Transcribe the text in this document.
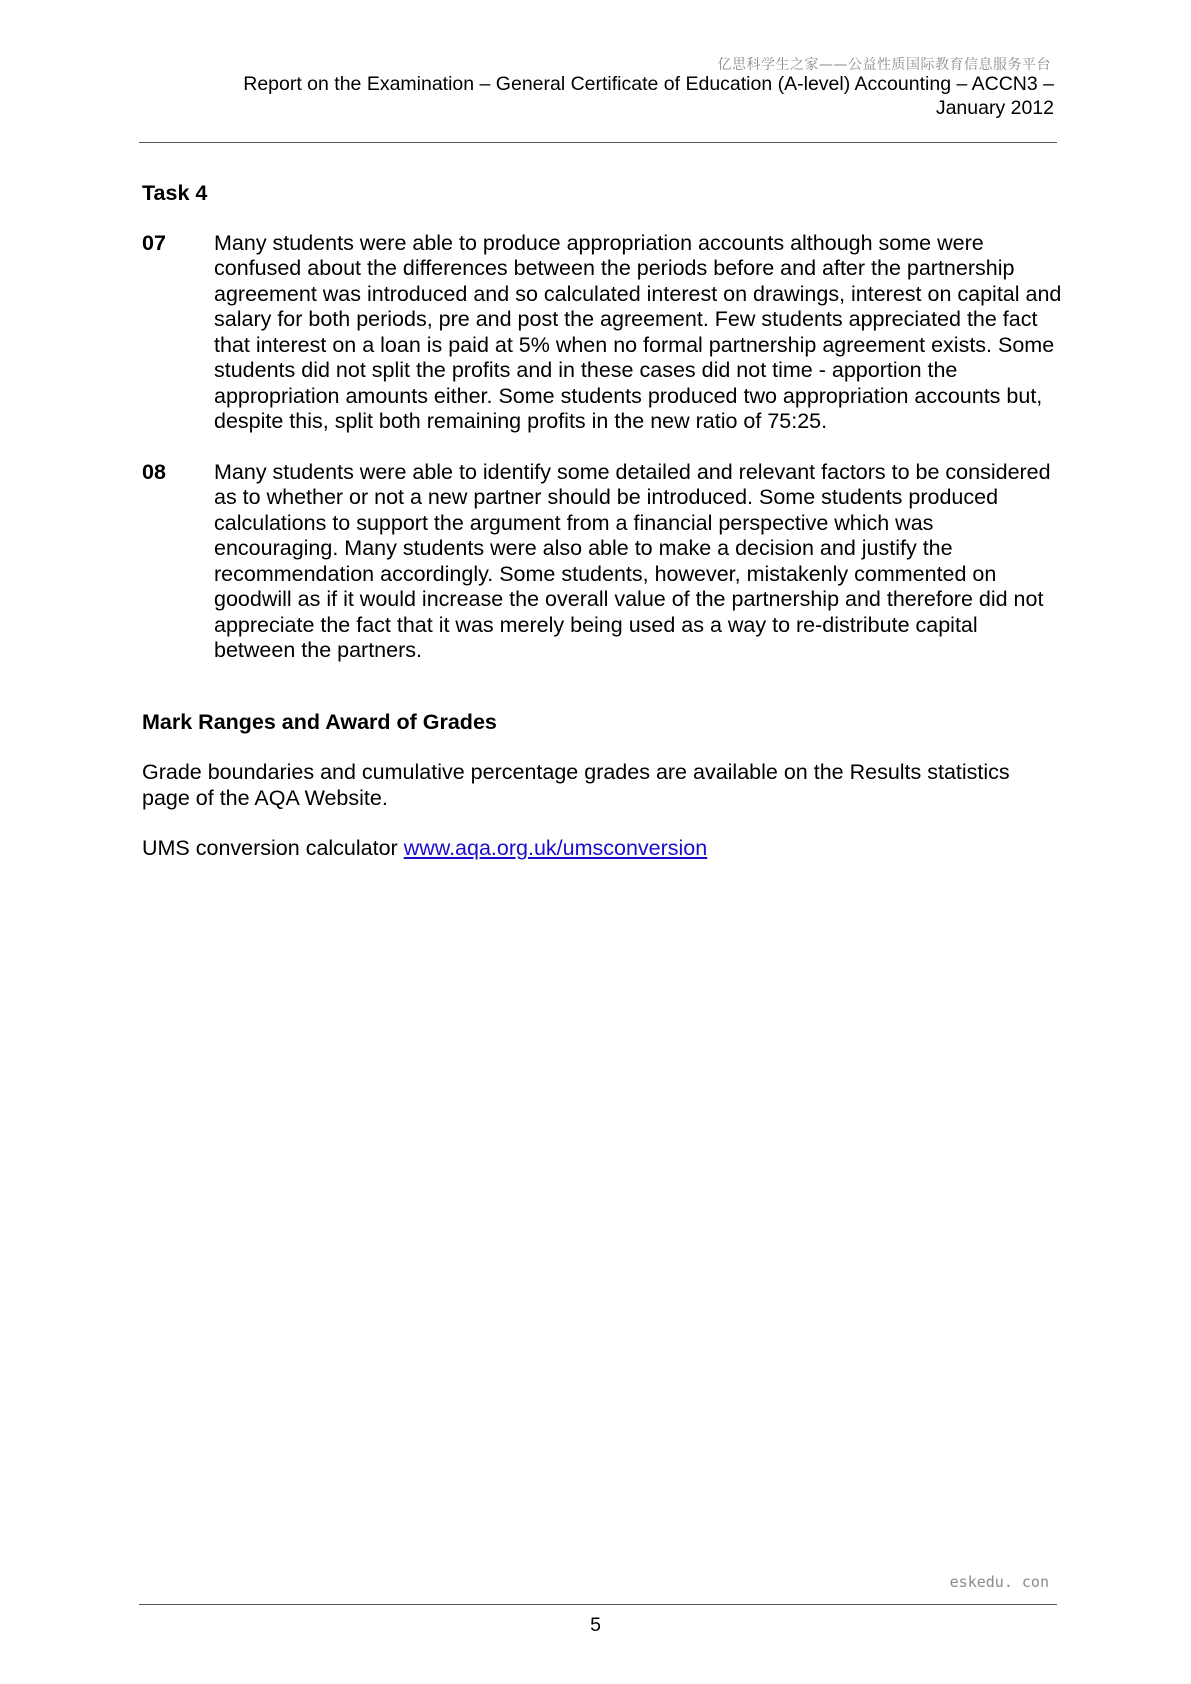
亿思科学生之家——公益性质国际教育信息服务平台
Report on the Examination – General Certificate of Education (A-level) Accounting – ACCN3 –
January 2012
Task 4
07	Many students were able to produce appropriation accounts although some were confused about the differences between the periods before and after the partnership agreement was introduced and so calculated interest on drawings, interest on capital and salary for both periods, pre and post the agreement. Few students appreciated the fact that interest on a loan is paid at 5% when no formal partnership agreement exists. Some students did not split the profits and in these cases did not time - apportion the appropriation amounts either. Some students produced two appropriation accounts but, despite this, split both remaining profits in the new ratio of 75:25.
08	Many students were able to identify some detailed and relevant factors to be considered as to whether or not a new partner should be introduced. Some students produced calculations to support the argument from a financial perspective which was encouraging. Many students were also able to make a decision and justify the recommendation accordingly. Some students, however, mistakenly commented on goodwill as if it would increase the overall value of the partnership and therefore did not appreciate the fact that it was merely being used as a way to re-distribute capital between the partners.
Mark Ranges and Award of Grades
Grade boundaries and cumulative percentage grades are available on the Results statistics page of the AQA Website.
UMS conversion calculator www.aqa.org.uk/umsconversion
eskedu. con
5
